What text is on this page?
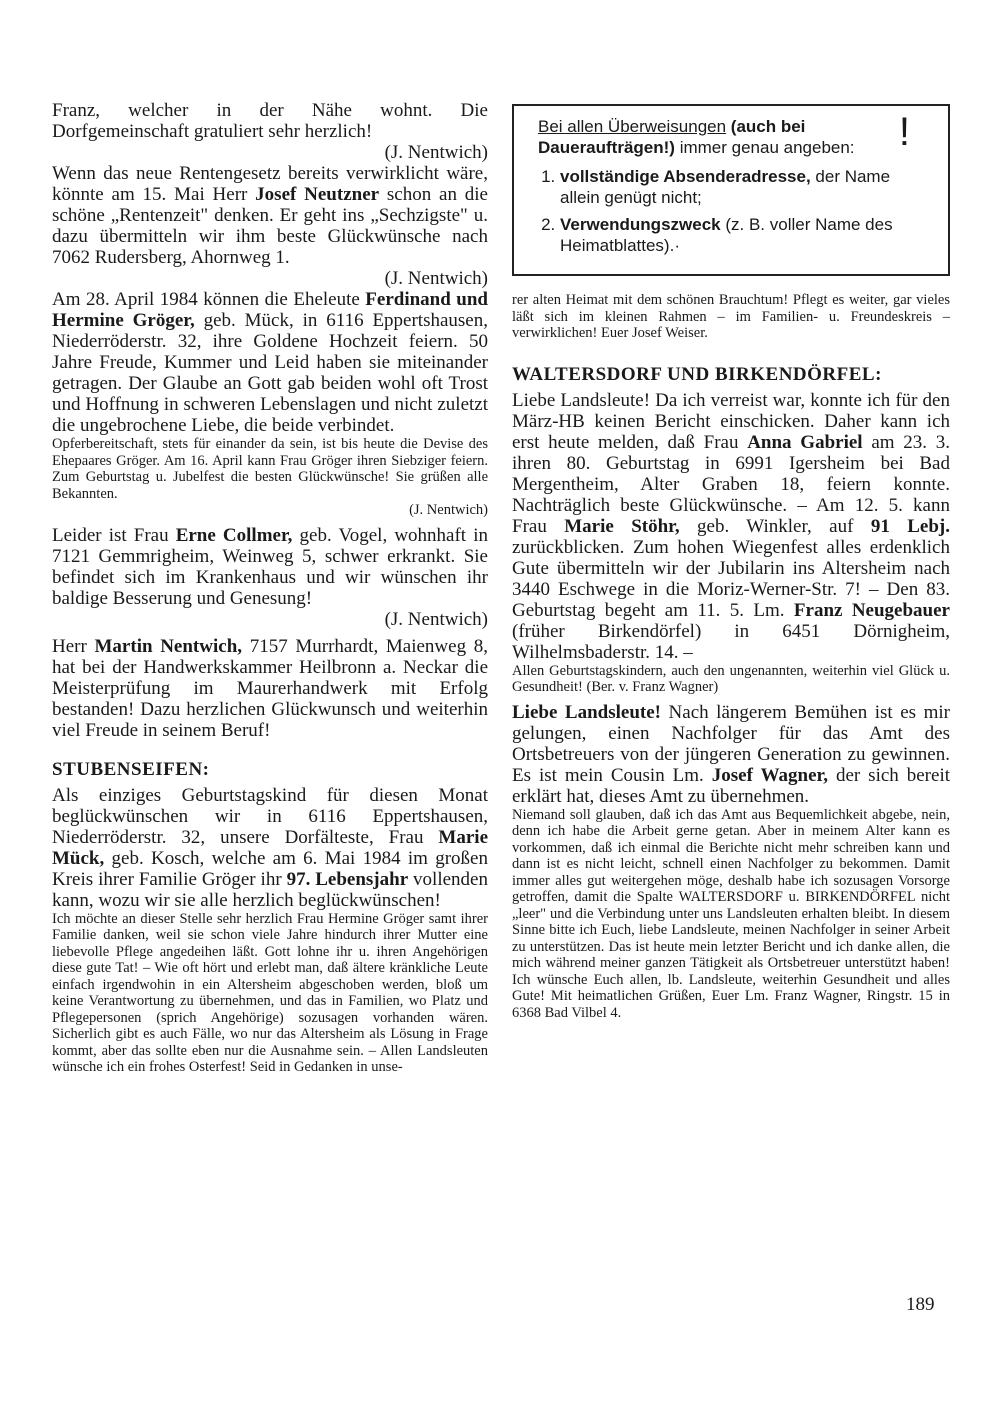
Franz, welcher in der Nähe wohnt. Die Dorfgemeinschaft gratuliert sehr herzlich!
(J. Nentwich)

Wenn das neue Rentengesetz bereits verwirklicht wäre, könnte am 15. Mai Herr Josef Neutzner schon an die schöne „Rentenzeit" denken. Er geht ins „Sechzigste" u. dazu übermitteln wir ihm beste Glückwünsche nach 7062 Rudersberg, Ahornweg 1.
(J. Nentwich)

Am 28. April 1984 können die Eheleute Ferdinand und Hermine Gröger, geb. Mück, in 6116 Eppertshausen, Niederröderstr. 32, ihre Goldene Hochzeit feiern. 50 Jahre Freude, Kummer und Leid haben sie miteinander getragen. Der Glaube an Gott gab beiden wohl oft Trost und Hoffnung in schweren Lebenslagen und nicht zuletzt die ungebrochene Liebe, die beide verbindet.

Opferbereitschaft, stets für einander da sein, ist bis heute die Devise des Ehepaares Gröger. Am 16. April kann Frau Gröger ihren Siebziger feiern. Zum Geburtstag u. Jubelfest die besten Glückwünsche! Sie grüßen alle Bekannten.
(J. Nentwich)

Leider ist Frau Erne Collmer, geb. Vogel, wohnhaft in 7121 Gemmrigheim, Weinweg 5, schwer erkrankt. Sie befindet sich im Krankenhaus und wir wünschen ihr baldige Besserung und Genesung!
(J. Nentwich)

Herr Martin Nentwich, 7157 Murrhardt, Maienweg 8, hat bei der Handwerkskammer Heilbronn a. Neckar die Meisterprüfung im Maurerhandwerk mit Erfolg bestanden! Dazu herzlichen Glückwunsch und weiterhin viel Freude in seinem Beruf!

STUBENSEIFEN:

Als einziges Geburtstagskind für diesen Monat beglückwünschen wir in 6116 Eppertshausen, Niederröderstr. 32, unsere Dorfälteste, Frau Marie Mück, geb. Kosch, welche am 6. Mai 1984 im großen Kreis ihrer Familie Gröger ihr 97. Lebensjahr vollenden kann, wozu wir sie alle herzlich beglückwünschen!

Ich möchte an dieser Stelle sehr herzlich Frau Hermine Gröger samt ihrer Familie danken, weil sie schon viele Jahre hindurch ihrer Mutter eine liebevolle Pflege angedeihen läßt. Gott lohne ihr u. ihren Angehörigen diese gute Tat! – Wie oft hört und erlebt man, daß ältere kränkliche Leute einfach irgendwohin in ein Altersheim abgeschoben werden, bloß um keine Verantwortung zu übernehmen, und das in Familien, wo Platz und Pflegepersonen (sprich Angehörige) sozusagen vorhanden wären. Sicherlich gibt es auch Fälle, wo nur das Altersheim als Lösung in Frage kommt, aber das sollte eben nur die Ausnahme sein. – Allen Landsleuten wünsche ich ein frohes Osterfest! Seid in Gedanken in unse-

!
Bei allen Überweisungen (auch bei Daueraufträgen!) immer genau angeben:
1. vollständige Absenderadresse, der Name allein genügt nicht;
2. Verwendungszweck (z. B. voller Name des Heimatblattes).·

rer alten Heimat mit dem schönen Brauchtum! Pflegt es weiter, gar vieles läßt sich im kleinen Rahmen – im Familien- u. Freundeskreis – verwirklichen! Euer Josef Weiser.

WALTERSDORF UND BIRKENDÖRFEL:

Liebe Landsleute! Da ich verreist war, konnte ich für den März-HB keinen Bericht einschicken. Daher kann ich erst heute melden, daß Frau Anna Gabriel am 23. 3. ihren 80. Geburtstag in 6991 Igersheim bei Bad Mergentheim, Alter Graben 18, feiern konnte. Nachträglich beste Glückwünsche. – Am 12. 5. kann Frau Marie Stöhr, geb. Winkler, auf 91 Lebj. zurückblicken. Zum hohen Wiegenfest alles erdenklich Gute übermitteln wir der Jubilarin ins Altersheim nach 3440 Eschwege in die Moriz-Werner-Str. 7! – Den 83. Geburtstag begeht am 11. 5. Lm. Franz Neugebauer (früher Birkendörfel) in 6451 Dörnigheim, Wilhelmsbaderstr. 14. –

Allen Geburtstagskindern, auch den ungenannten, weiterhin viel Glück u. Gesundheit! (Ber. v. Franz Wagner)

Liebe Landsleute! Nach längerem Bemühen ist es mir gelungen, einen Nachfolger für das Amt des Ortsbetreuers von der jüngeren Generation zu gewinnen. Es ist mein Cousin Lm. Josef Wagner, der sich bereit erklärt hat, dieses Amt zu übernehmen.

Niemand soll glauben, daß ich das Amt aus Bequemlichkeit abgebe, nein, denn ich habe die Arbeit gerne getan. Aber in meinem Alter kann es vorkommen, daß ich einmal die Berichte nicht mehr schreiben kann und dann ist es nicht leicht, schnell einen Nachfolger zu bekommen. Damit immer alles gut weitergehen möge, deshalb habe ich sozusagen Vorsorge getroffen, damit die Spalte WALTERSDORF u. BIRKENDÖRFEL nicht „leer" und die Verbindung unter uns Landsleuten erhalten bleibt. In diesem Sinne bitte ich Euch, liebe Landsleute, meinen Nachfolger in seiner Arbeit zu unterstützen. Das ist heute mein letzter Bericht und ich danke allen, die mich während meiner ganzen Tätigkeit als Ortsbetreuer unterstützt haben! Ich wünsche Euch allen, lb. Landsleute, weiterhin Gesundheit und alles Gute! Mit heimatlichen Grüßen, Euer Lm. Franz Wagner, Ringstr. 15 in 6368 Bad Vilbel 4.

189
